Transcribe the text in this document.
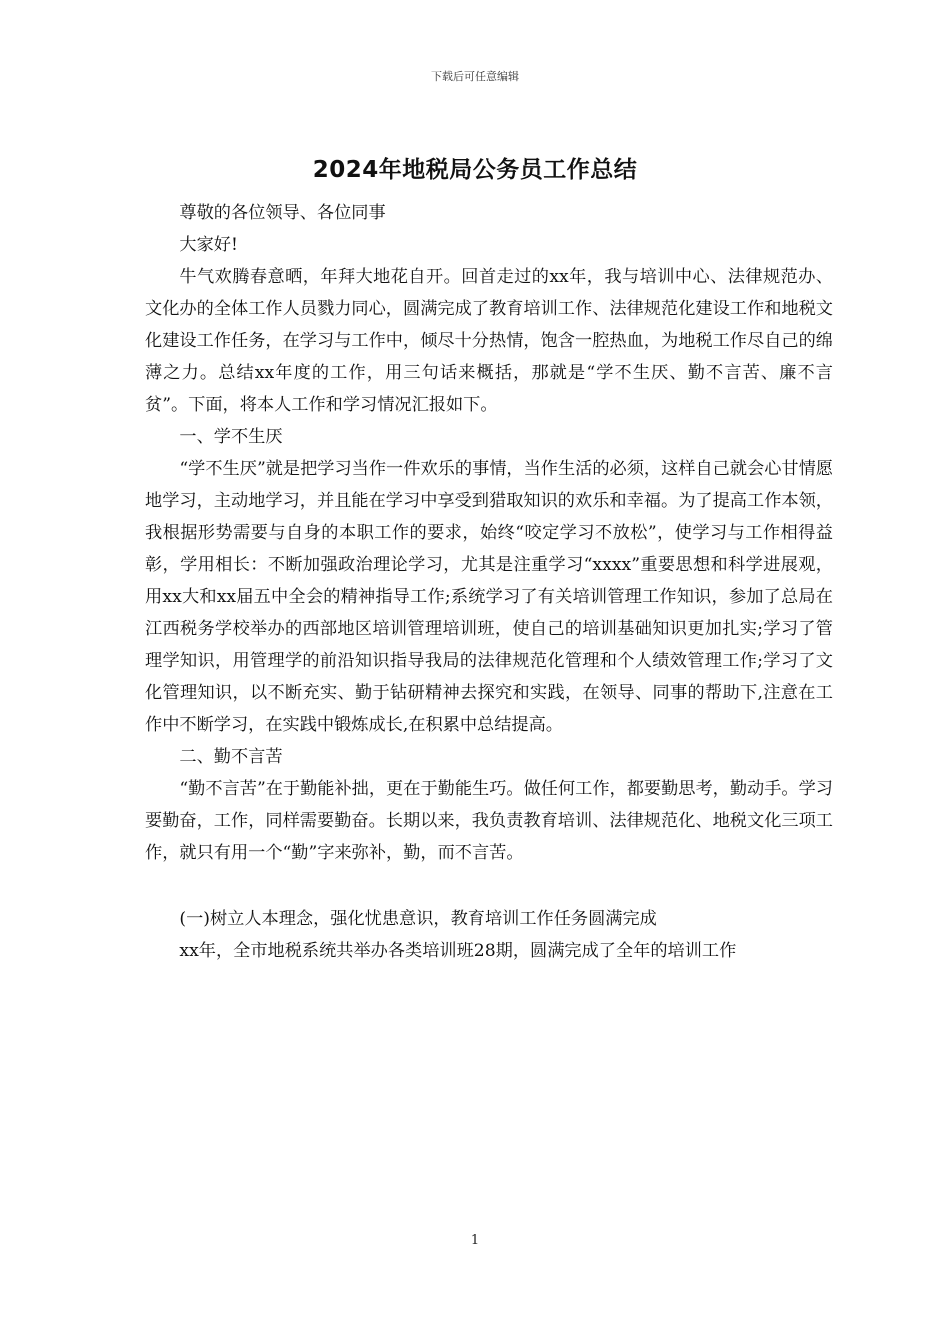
下载后可任意编辑
2024年地税局公务员工作总结

尊敬的各位领导、各位同事

大家好!

牛气欢腾春意晒，年拜大地花自开。回首走过的xx年，我与培训中心、法律规范办、文化办的全体工作人员戮力同心，圆满完成了教育培训工作、法律规范化建设工作和地税文化建设工作任务，在学习与工作中，倾尽十分热情，饱含一腔热血，为地税工作尽自己的绵薄之力。总结xx年度的工作，用三句话来概括，那就是“学不生厌、勤不言苦、廉不言贫”。下面，将本人工作和学习情况汇报如下。

一、学不生厌

“学不生厌”就是把学习当作一件欢乐的事情，当作生活的必须，这样自己就会心甘情愿地学习，主动地学习，并且能在学习中享受到猎取知识的欢乐和幸福。为了提高工作本领，我根据形势需要与自身的本职工作的要求，始终“咬定学习不放松”，使学习与工作相得益彰，学用相长：不断加强政治理论学习，尤其是注重学习“xxxx”重要思想和科学进展观，用xx大和xx届五中全会的精神指导工作;系统学习了有关培训管理工作知识，参加了总局在江西税务学校举办的西部地区培训管理培训班，使自己的培训基础知识更加扎实;学习了管理学知识，用管理学的前沿知识指导我局的法律规范化管理和个人绩效管理工作;学习了文化管理知识，以不断充实、勤于钻研精神去探究和实践，在领导、同事的帮助下,注意在工作中不断学习，在实践中锻炼成长,在积累中总结提高。

二、勤不言苦

“勤不言苦”在于勤能补拙，更在于勤能生巧。做任何工作，都要勤思考，勤动手。学习要勤奋，工作，同样需要勤奋。长期以来，我负责教育培训、法律规范化、地税文化三项工作，就只有用一个“勤”字来弥补，勤，而不言苦。

(一)树立人本理念，强化忧患意识，教育培训工作任务圆满完成

xx年，全市地税系统共举办各类培训班28期，圆满完成了全年的培训工作

1
